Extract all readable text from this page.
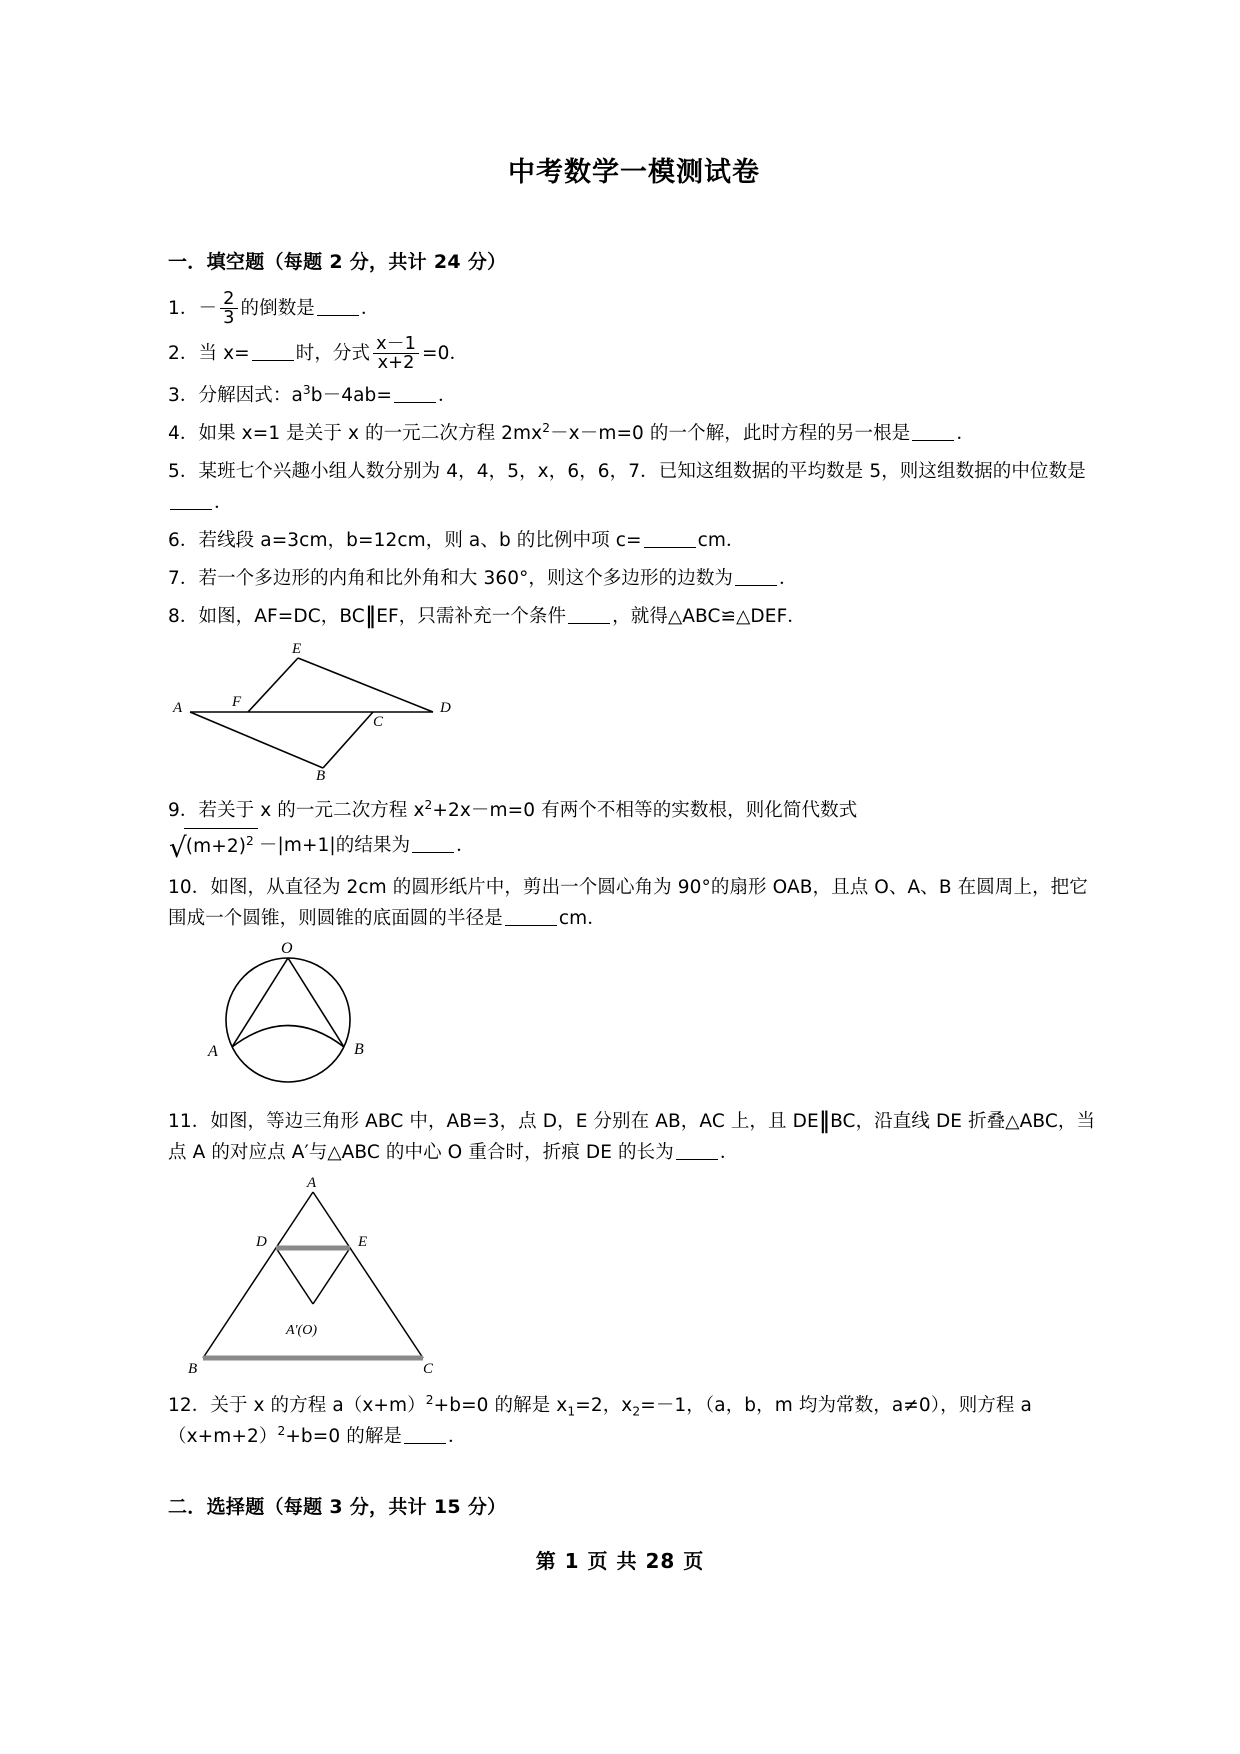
中考数学一模测试卷
一．填空题（每题 2 分，共计 24 分）
1．－ $\frac{2}{3}$ 的倒数是 ．
2．当 x= 时，分式 $\frac{x-1}{x+2} =0$．
3．分解因式：$a^3b-4ab=$ ．
4．如果 x=1 是关于 x 的一元二次方程 $2mx^2-x-m=0$ 的一个解，此时方程的另一根是 ．
5．某班七个兴趣小组人数分别为 4，4，5，x，6，6，7．已知这组数据的平均数是 5，则这组数据的中位数是．
6．若线段 a=3cm，b=12cm，则 a、b 的比例中项 c=	cm．
7．若一个多边形的内角和比外角和大 360°，则这个多边形的边数为 ．
8．如图，AF=DC，BC∥EF，只需补充一个条件 ，就得△ABC≌△DEF．
A
B
C
D
E
F
9．若关于 x 的一元二次方程 $x^2+2x-m=0$ 有两个不相等的实数根，则化简代数式
$√(m+2)^2 -|m+1|$的结果为 ．
10．如图，从直径为 2cm 的圆形纸片中，剪出一个圆心角为 90°的扇形 OAB，且点 O、A、B 在圆周上，把它围成一个圆锥，则圆锥的底面圆的半径是	cm．
O
A	B
11．如图，等边三角形 ABC 中，AB=3，点 D，E 分别在 AB，AC 上，且 DE∥BC，沿直线 DE 折叠△ABC，当点 A 的对应点 A′与△ABC 的中心 O 重合时，折痕 DE 的长为 ．
A
D	E
A'(O)
B	C
12．关于 x 的方程 $a(x+m)^2+b=0$ 的解是 $x_1=2$，$x_2=-1$，（a，b，m 均为常数，a≠0），则方程 $a(x+m+2)^2+b=0$ 的解是 ．
二．选择题（每题 3 分，共计 15 分）
第 1 页 共 28 页
